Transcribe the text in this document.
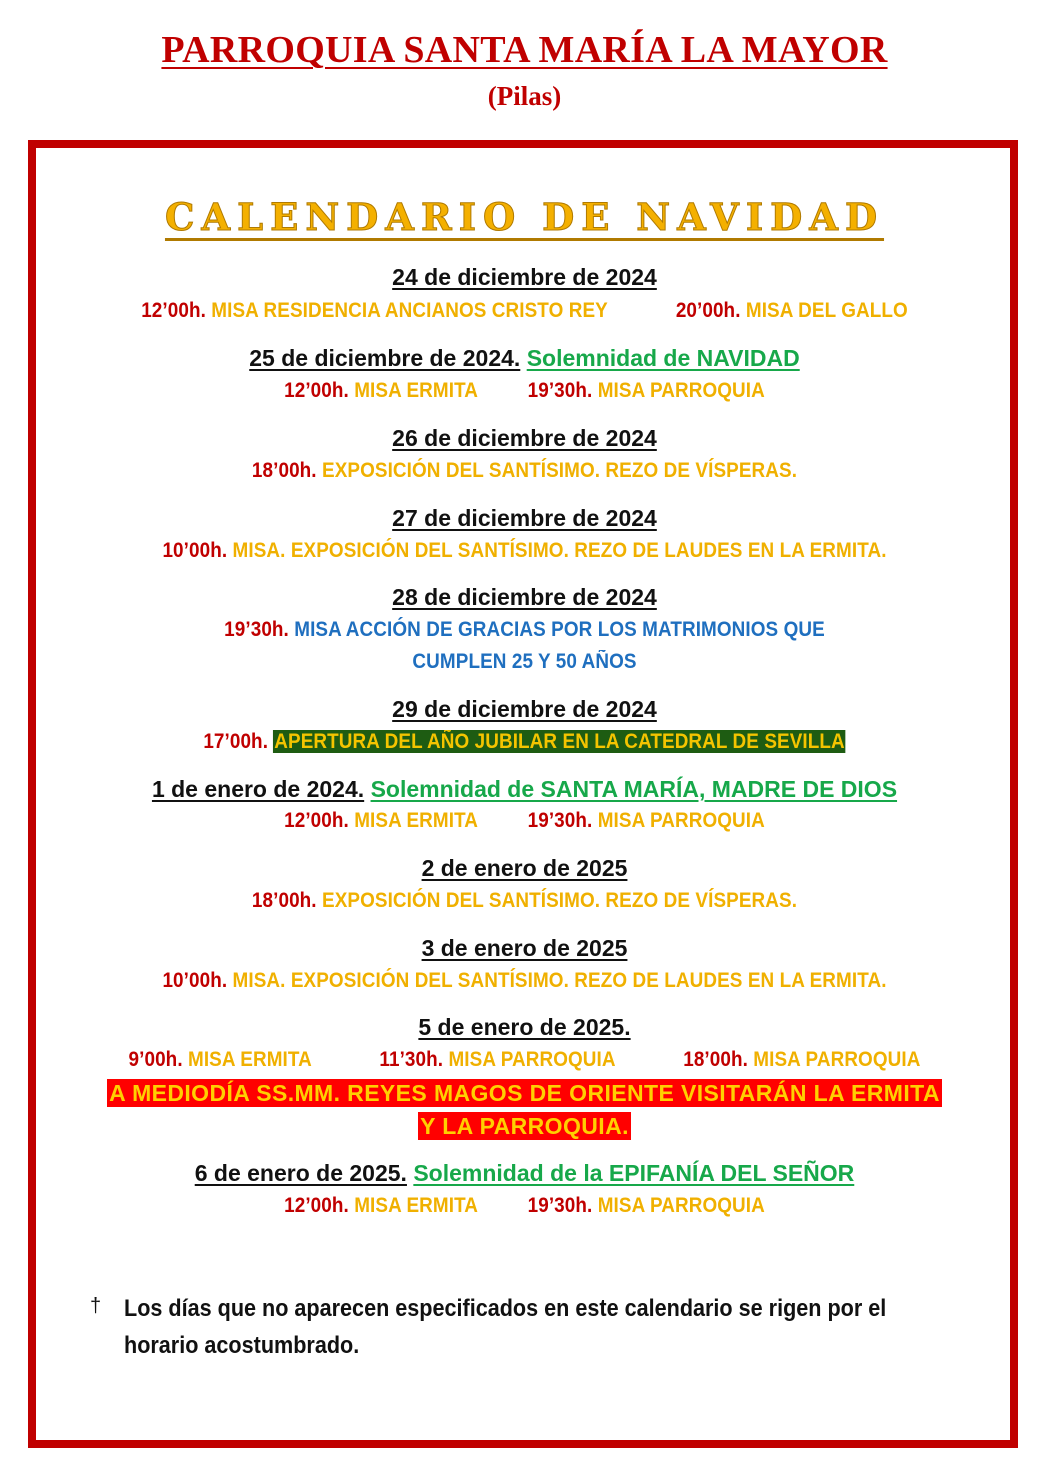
PARROQUIA SANTA MARÍA LA MAYOR
(Pilas)
CALENDARIO DE NAVIDAD
24 de diciembre de 2024
12’00h. MISA RESIDENCIA ANCIANOS CRISTO REY	20’00h. MISA DEL GALLO
25 de diciembre de 2024. Solemnidad de NAVIDAD
12’00h. MISA ERMITA 19’30h. MISA PARROQUIA
26 de diciembre de 2024
18’00h. EXPOSICIÓN DEL SANTÍSIMO. REZO DE VÍSPERAS.
27 de diciembre de 2024
10’00h. MISA. EXPOSICIÓN DEL SANTÍSIMO. REZO DE LAUDES EN LA ERMITA.
28 de diciembre de 2024
19’30h. MISA ACCIÓN DE GRACIAS POR LOS MATRIMONIOS QUE
CUMPLEN 25 Y 50 AÑOS
29 de diciembre de 2024
17’00h. APERTURA DEL AÑO JUBILAR EN LA CATEDRAL DE SEVILLA
1 de enero de 2024. Solemnidad de SANTA MARÍA, MADRE DE DIOS
12’00h. MISA ERMITA 19’30h. MISA PARROQUIA
2 de enero de 2025
18’00h. EXPOSICIÓN DEL SANTÍSIMO. REZO DE VÍSPERAS.
3 de enero de 2025
10’00h. MISA. EXPOSICIÓN DEL SANTÍSIMO. REZO DE LAUDES EN LA ERMITA.
5 de enero de 2025.
9’00h. MISA ERMITA	11’30h. MISA PARROQUIA	18’00h. MISA PARROQUIA
A MEDIODÍA SS.MM. REYES MAGOS DE ORIENTE VISITARÁN LA ERMITA
Y LA PARROQUIA.
6 de enero de 2025. Solemnidad de la EPIFANÍA DEL SEÑOR
12’00h. MISA ERMITA 19’30h. MISA PARROQUIA
† Los días que no aparecen especificados en este calendario se rigen por el
horario acostumbrado.
